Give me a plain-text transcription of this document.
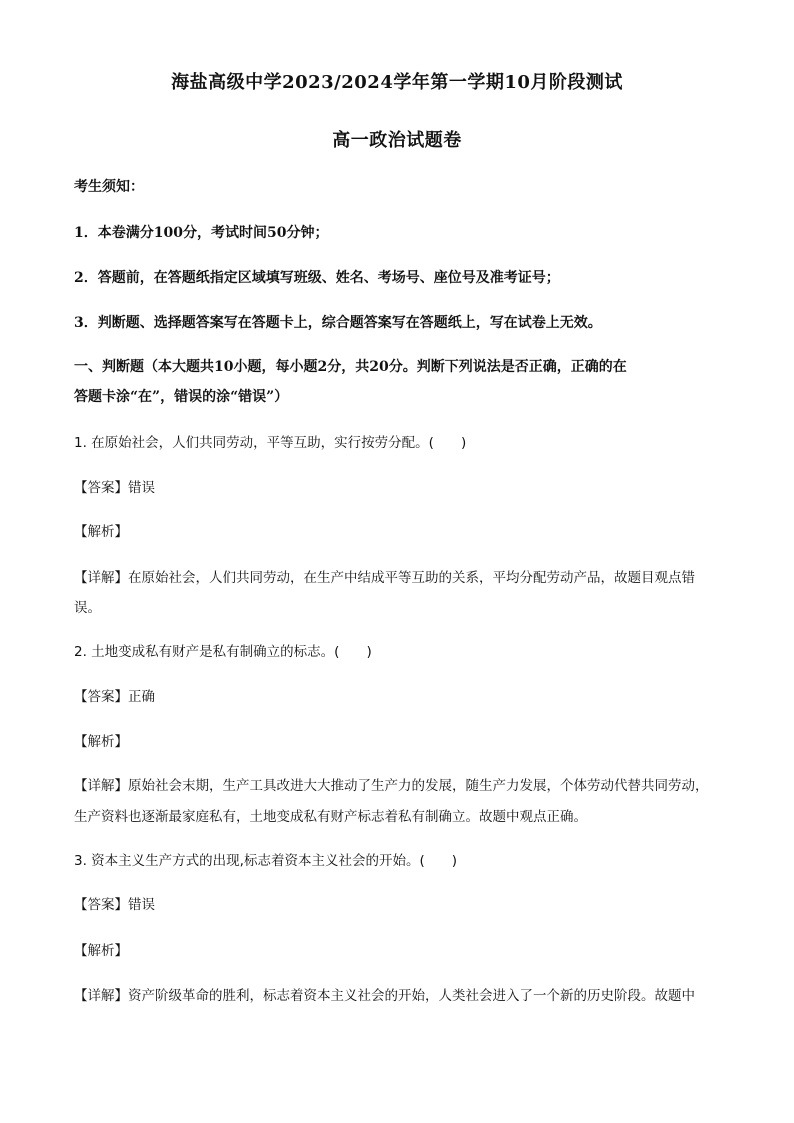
海盐高级中学2023/2024学年第一学期10月阶段测试
高一政治试题卷
考生须知：
1．本卷满分100分，考试时间50分钟；
2．答题前，在答题纸指定区域填写班级、姓名、考场号、座位号及准考证号；
3．判断题、选择题答案写在答题卡上，综合题答案写在答题纸上，写在试卷上无效。
一、判断题（本大题共10小题，每小题2分，共20分。判断下列说法是否正确，正确的在
答题卡涂“在”，错误的涂“错误”）
1. 在原始社会，人们共同劳动，平等互助，实行按劳分配。(　　)
【答案】错误
【解析】
【详解】在原始社会，人们共同劳动，在生产中结成平等互助的关系，平均分配劳动产品，故题目观点错
误。
2. 土地变成私有财产是私有制确立的标志。(　　)
【答案】正确
【解析】
【详解】原始社会末期，生产工具改进大大推动了生产力的发展，随生产力发展，个体劳动代替共同劳动，
生产资料也逐渐最家庭私有，土地变成私有财产标志着私有制确立。故题中观点正确。
3. 资本主义生产方式的出现,标志着资本主义社会的开始。(　　)
【答案】错误
【解析】
【详解】资产阶级革命的胜利，标志着资本主义社会的开始，人类社会进入了一个新的历史阶段。故题中
